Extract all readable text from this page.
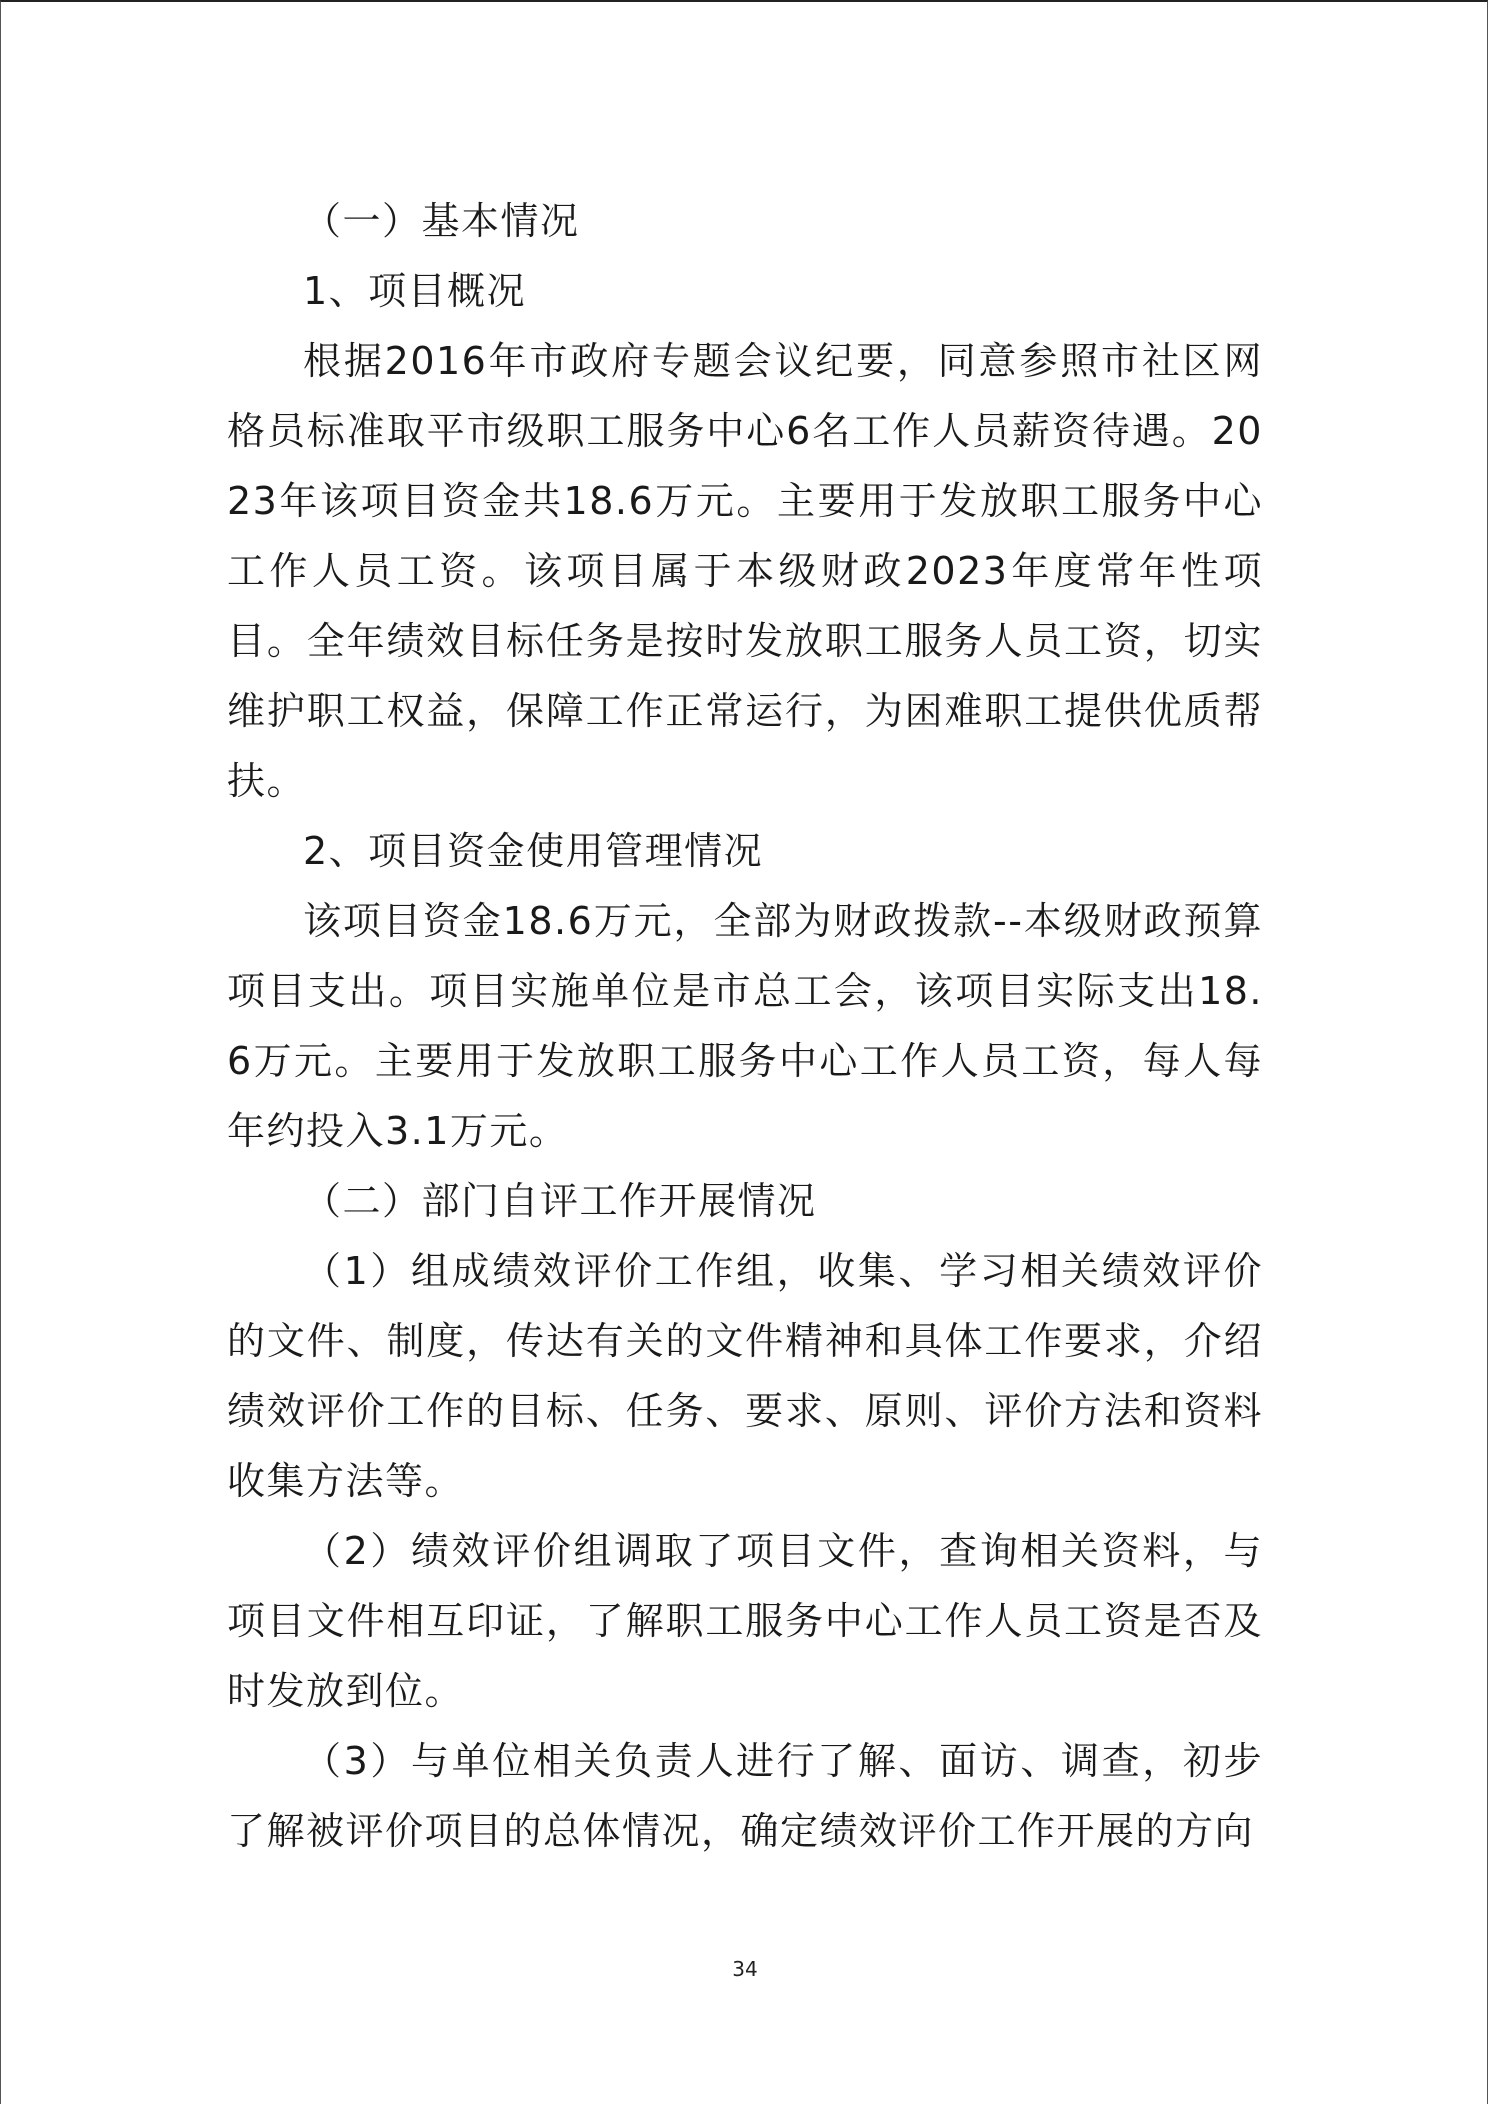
（一）基本情况

1、项目概况

根据2016年市政府专题会议纪要，同意参照市社区网格员标准取平市级职工服务中心6名工作人员薪资待遇。2023年该项目资金共18.6万元。主要用于发放职工服务中心工作人员工资。该项目属于本级财政2023年度常年性项目。全年绩效目标任务是按时发放职工服务人员工资，切实维护职工权益，保障工作正常运行，为困难职工提供优质帮扶。

2、项目资金使用管理情况

该项目资金18.6万元，全部为财政拨款--本级财政预算项目支出。项目实施单位是市总工会，该项目实际支出18.6万元。主要用于发放职工服务中心工作人员工资，每人每年约投入3.1万元。

（二）部门自评工作开展情况

（1）组成绩效评价工作组，收集、学习相关绩效评价的文件、制度，传达有关的文件精神和具体工作要求，介绍绩效评价工作的目标、任务、要求、原则、评价方法和资料收集方法等。

（2）绩效评价组调取了项目文件，查询相关资料，与项目文件相互印证，了解职工服务中心工作人员工资是否及时发放到位。

（3）与单位相关负责人进行了解、面访、调查，初步了解被评价项目的总体情况，确定绩效评价工作开展的方向

34
